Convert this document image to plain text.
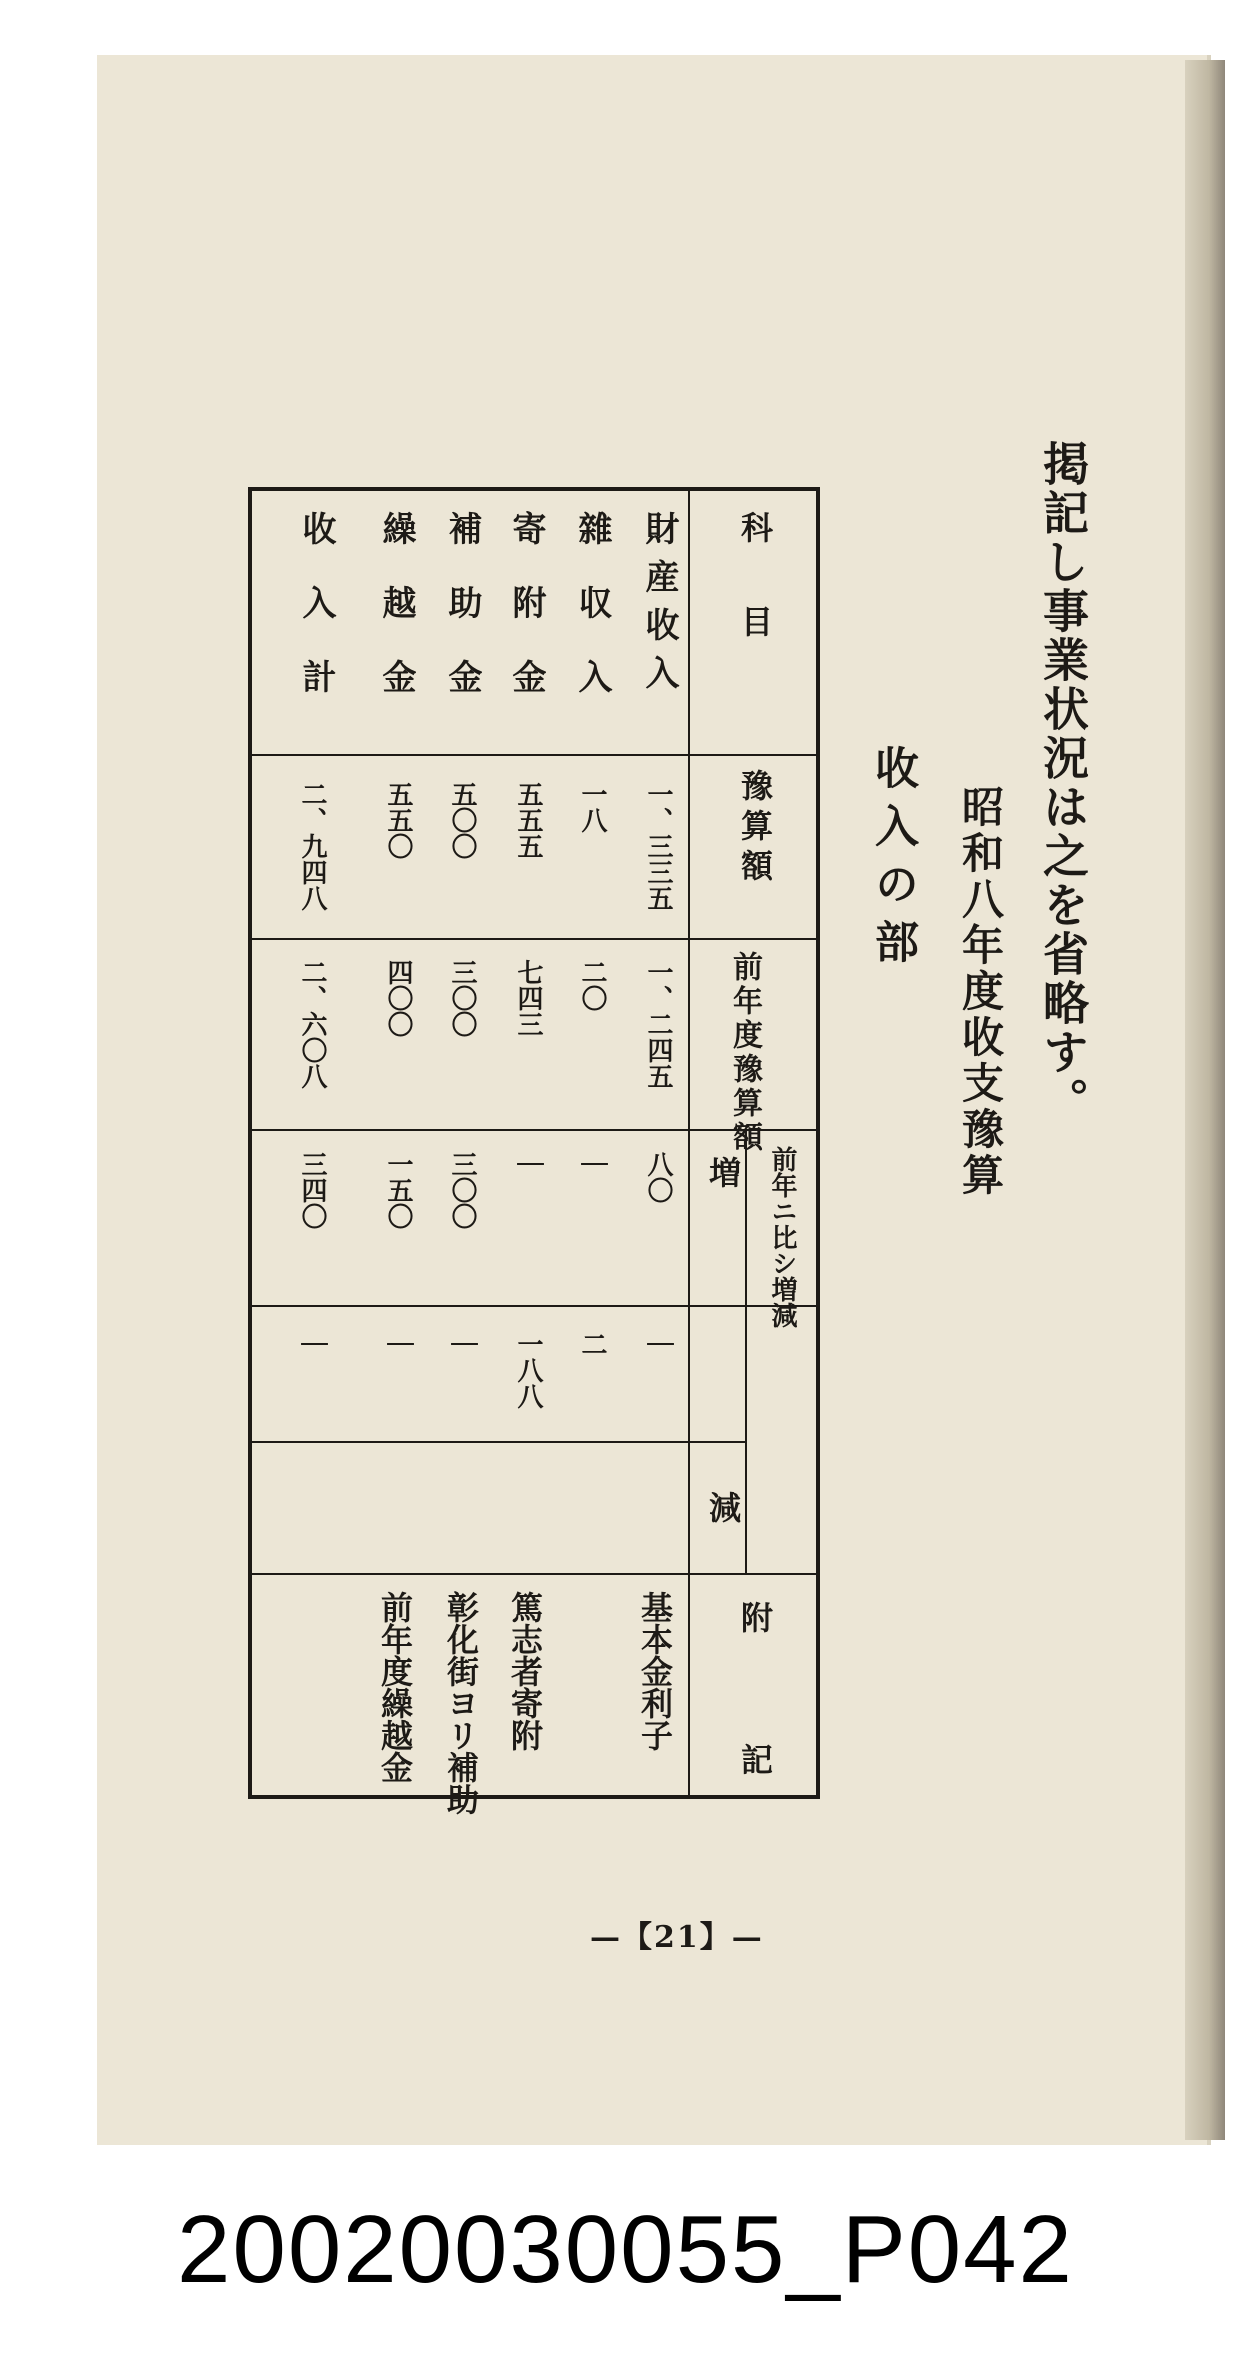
掲記し事業状況は之を省略す。
昭和八年度收支豫算
收入の部
科目
豫算額
前年度豫算額
前年ニ比シ増減
増
減
附記
財産收入
一、三三五
一、二四五
八〇
｜
基本金利子
雜収入
一八
二〇
｜
二
寄附金
五五五
七四三
｜
一八八
篤志者寄附
補助金
五〇〇
三〇〇
三〇〇
｜
彰化街ヨリ補助
繰越金
五五〇
四〇〇
一五〇
｜
前年度繰越金
收入計
二、九四八
二、六〇八
三四〇
｜
—【21】—
20020030055_P042
